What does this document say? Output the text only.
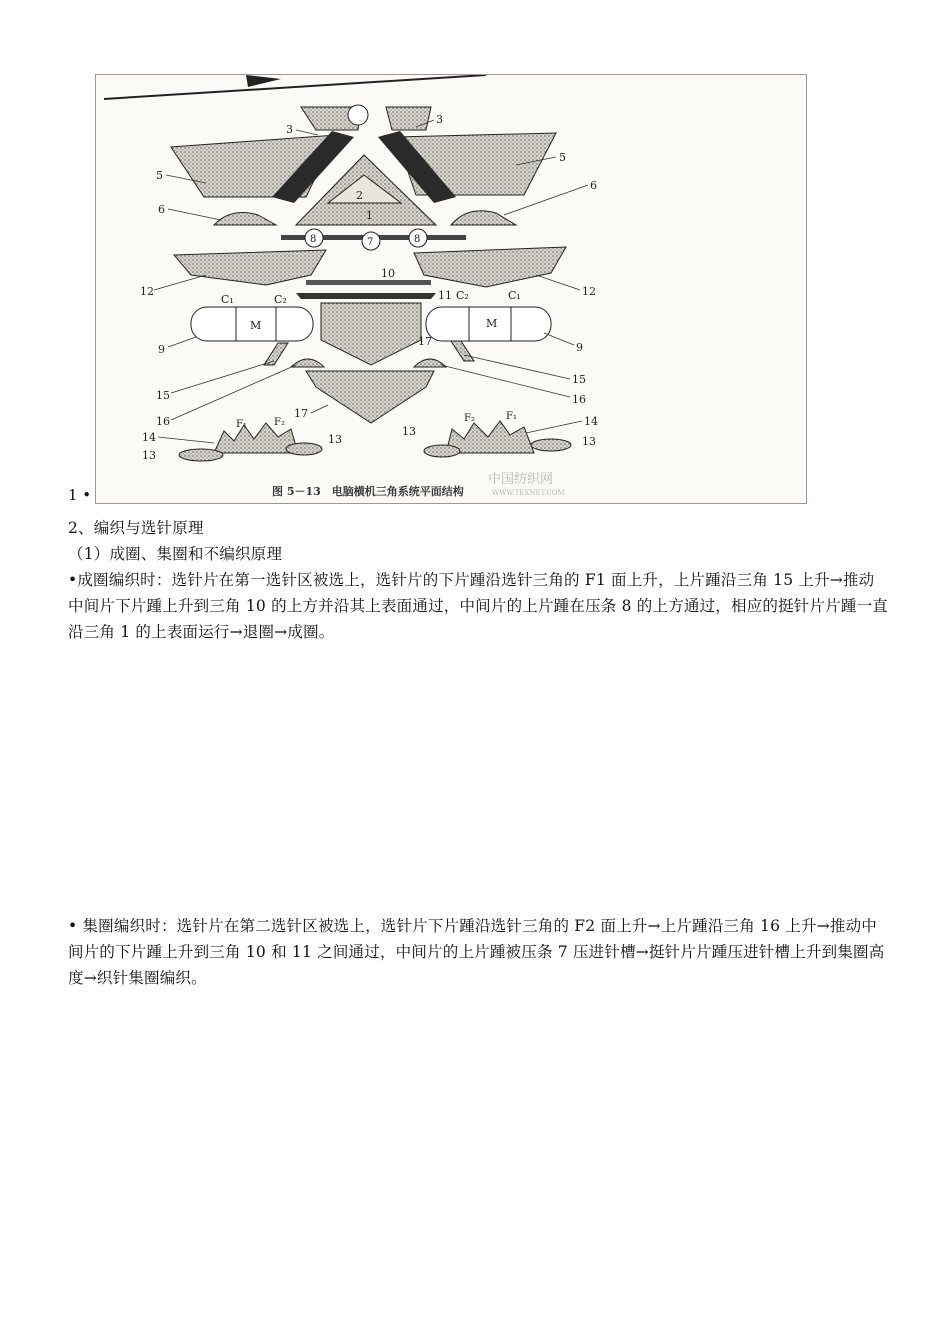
3
3
5
5
6
6
2
1
8	7	8
12	12
10
11
C₁	C₂	C₂	C₁
M	M
9	9
17
15
15
16
16
17
F₁	F₂	F₂	F₁
14
14
13
13
13
13
中国纺织网
WWW.TEXNET.COM
图 5－13　电脑横机三角系统平面结构
1 •
2、编织与选针原理
（1）成圈、集圈和不编织原理
•成圈编织时：选针片在第一选针区被选上，选针片的下片踵沿选针三角的 F1 面上升，上片踵沿三角 15 上升→推动中间片下片踵上升到三角 10 的上方并沿其上表面通过，中间片的上片踵在压条 8 的上方通过，相应的挺针片片踵一直沿三角 1 的上表面运行→退圈→成圈。
• 集圈编织时：选针片在第二选针区被选上，选针片下片踵沿选针三角的 F2 面上升→上片踵沿三角 16 上升→推动中间片的下片踵上升到三角 10 和 11 之间通过，中间片的上片踵被压条 7 压进针槽→挺针片片踵压进针槽上升到集圈高度→织针集圈编织。
